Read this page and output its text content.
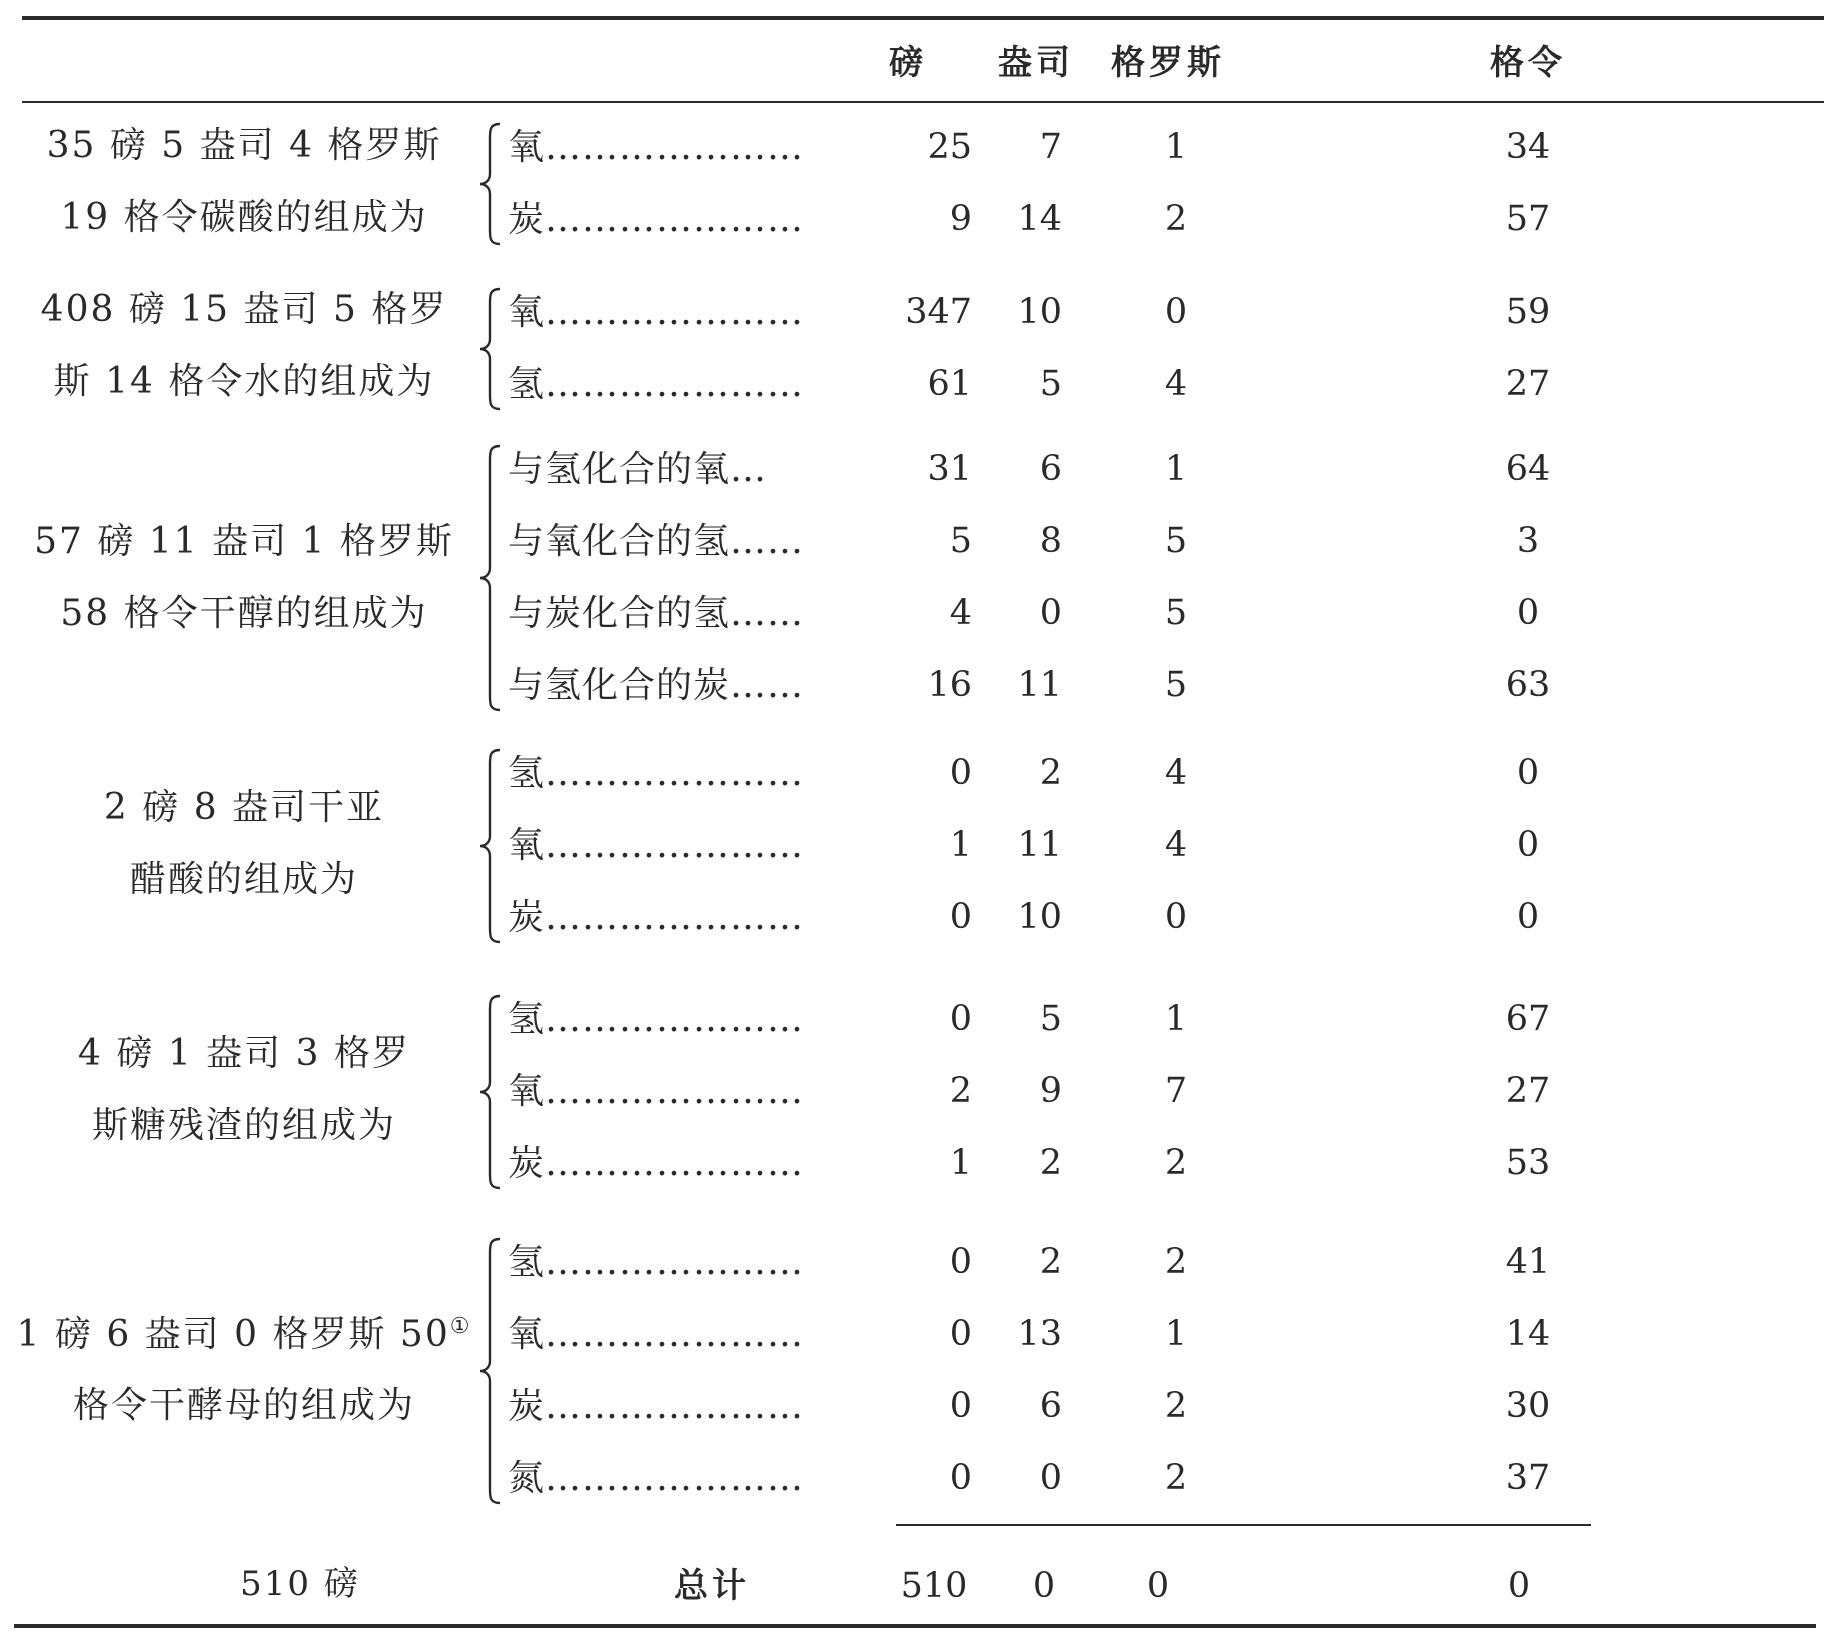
磅 盎司 格罗斯	格令
35 磅 5 盎司 4 格罗斯
19 格令碳酸的组成为
氧…………………	25 7	1	34
炭…………………	9 14	2	57
408 磅 15 盎司 5 格罗
斯 14 格令水的组成为
氧…………………	347 10	0	59
氢…………………	61 5	4	27
57 磅 11 盎司 1 格罗斯
58 格令干醇的组成为
与氢化合的氧…	31 6	1	64
与氧化合的氢……	5 8	5	3
与炭化合的氢……	4 0	5	0
与氢化合的炭……	16 11	5	63
2 磅 8 盎司干亚
醋酸的组成为
氢…………………	0 2	4	0
氧…………………	1 11	4	0
炭…………………	0 10	0	0
4 磅 1 盎司 3 格罗
斯糖残渣的组成为
氢…………………	0 5	1	67
氧…………………	2 9	7	27
炭…………………	1 2	2	53
1 磅 6 盎司 0 格罗斯 50①
格令干酵母的组成为
氢…………………	0 2	2	41
氧…………………	0 13	1	14
炭…………………	0 6	2	30
氮…………………	0 0	2	37
510 磅	总计	510 0	0	0
